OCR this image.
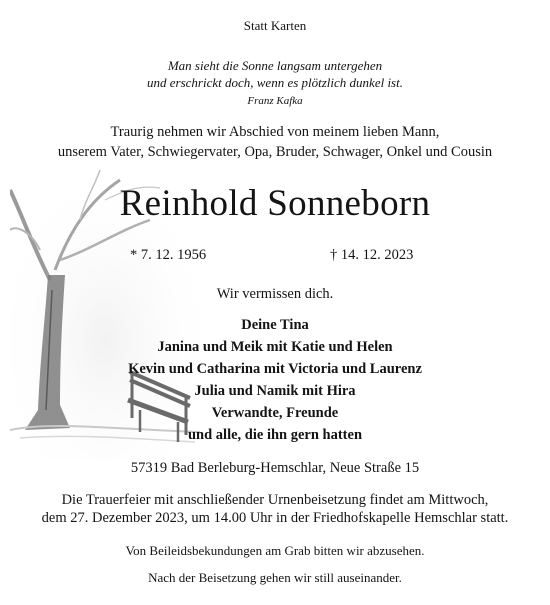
Statt Karten
Man sieht die Sonne langsam untergehen
und erschrickt doch, wenn es plötzlich dunkel ist.
Franz Kafka
Traurig nehmen wir Abschied von meinem lieben Mann,
unserem Vater, Schwiegervater, Opa, Bruder, Schwager, Onkel und Cousin
Reinhold Sonneborn
* 7. 12. 1956	† 14. 12. 2023
Wir vermissen dich.
Deine Tina
Janina und Meik mit Katie und Helen
Kevin und Catharina mit Victoria und Laurenz
Julia und Namik mit Hira
Verwandte, Freunde
und alle, die ihn gern hatten
57319 Bad Berleburg-Hemschlar, Neue Straße 15
Die Trauerfeier mit anschließender Urnenbeisetzung findet am Mittwoch,
dem 27. Dezember 2023, um 14.00 Uhr in der Friedhofskapelle Hemschlar statt.
Von Beileidsbekundungen am Grab bitten wir abzusehen.
Nach der Beisetzung gehen wir still auseinander.
